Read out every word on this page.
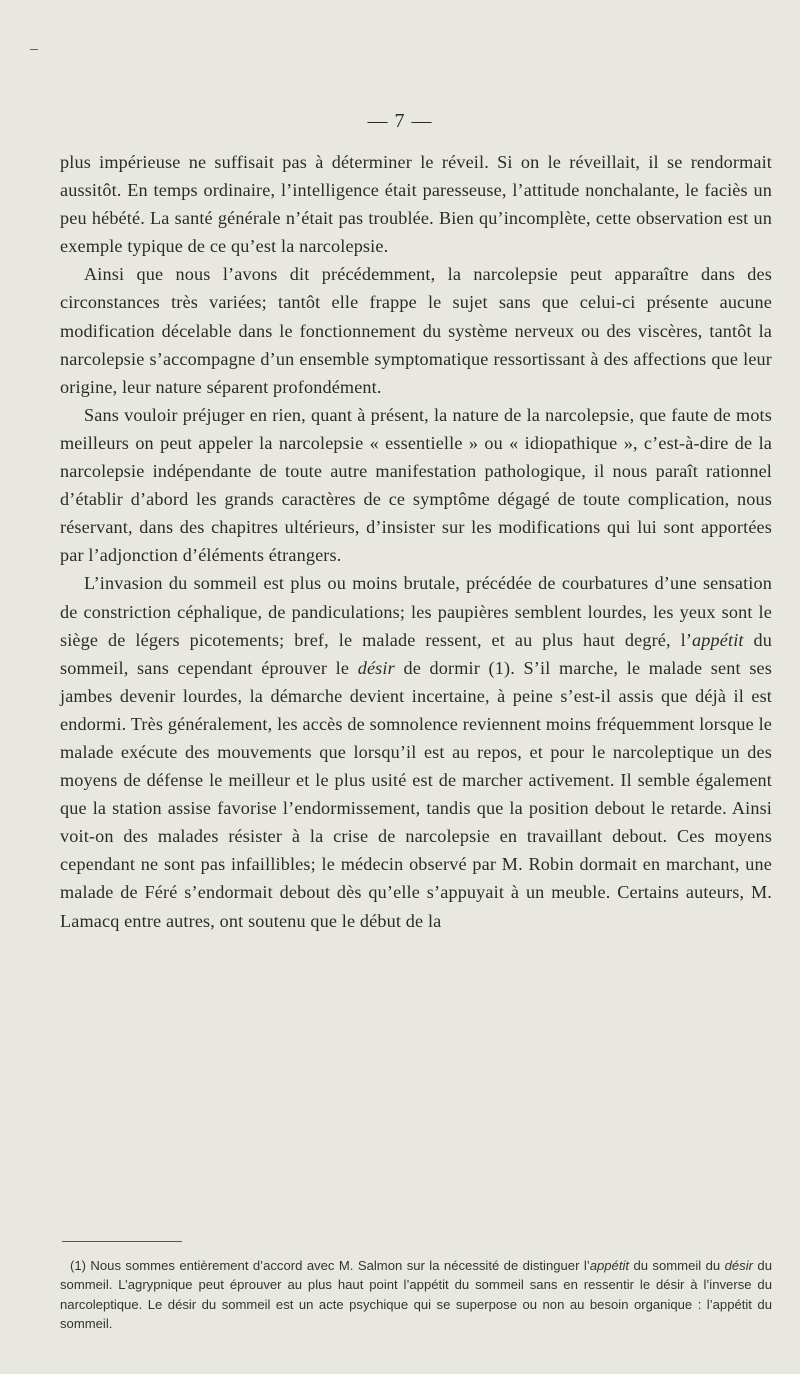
–
— 7 —

plus impérieuse ne suffisait pas à déterminer le réveil. Si on le réveillait, il se rendormait aussitôt. En temps ordinaire, l’intelligence était paresseuse, l’attitude nonchalante, le faciès un peu hébété. La santé générale n’était pas troublée. Bien qu’incomplète, cette observation est un exemple typique de ce qu’est la narcolepsie.

Ainsi que nous l’avons dit précédemment, la narcolepsie peut apparaître dans des circonstances très variées; tantôt elle frappe le sujet sans que celui-ci présente aucune modification décelable dans le fonctionnement du système nerveux ou des viscères, tantôt la narcolepsie s’accompagne d’un ensemble symptomatique ressortissant à des affections que leur origine, leur nature séparent profondément.

Sans vouloir préjuger en rien, quant à présent, la nature de la narcolepsie, que faute de mots meilleurs on peut appeler la narcolepsie « essentielle » ou « idiopathique », c’est-à-dire de la narcolepsie indépendante de toute autre manifestation pathologique, il nous paraît rationnel d’établir d’abord les grands caractères de ce symptôme dégagé de toute complication, nous réservant, dans des chapitres ultérieurs, d’insister sur les modifications qui lui sont apportées par l’adjonction d’éléments étrangers.

L’invasion du sommeil est plus ou moins brutale, précédée de courbatures d’une sensation de constriction céphalique, de pandiculations; les paupières semblent lourdes, les yeux sont le siège de légers picotements; bref, le malade ressent, et au plus haut degré, l’appétit du sommeil, sans cependant éprouver le désir de dormir (1). S’il marche, le malade sent ses jambes devenir lourdes, la démarche devient incertaine, à peine s’est-il assis que déjà il est endormi. Très généralement, les accès de somnolence reviennent moins fréquemment lorsque le malade exécute des mouvements que lorsqu’il est au repos, et pour le narcoleptique un des moyens de défense le meilleur et le plus usité est de marcher activement. Il semble également que la station assise favorise l’endormissement, tandis que la position debout le retarde. Ainsi voit-on des malades résister à la crise de narcolepsie en travaillant debout. Ces moyens cependant ne sont pas infaillibles; le médecin observé par M. Robin dormait en marchant, une malade de Féré s’endormait debout dès qu’elle s’appuyait à un meuble. Certains auteurs, M. Lamacq entre autres, ont soutenu que le début de la

(1) Nous sommes entièrement d’accord avec M. Salmon sur la nécessité de distinguer l’appétit du sommeil du désir du sommeil. L’agrypnique peut éprouver au plus haut point l’appétit du sommeil sans en ressentir le désir à l’inverse du narcoleptique. Le désir du sommeil est un acte psychique qui se superpose ou non au besoin organique : l’appétit du sommeil.
